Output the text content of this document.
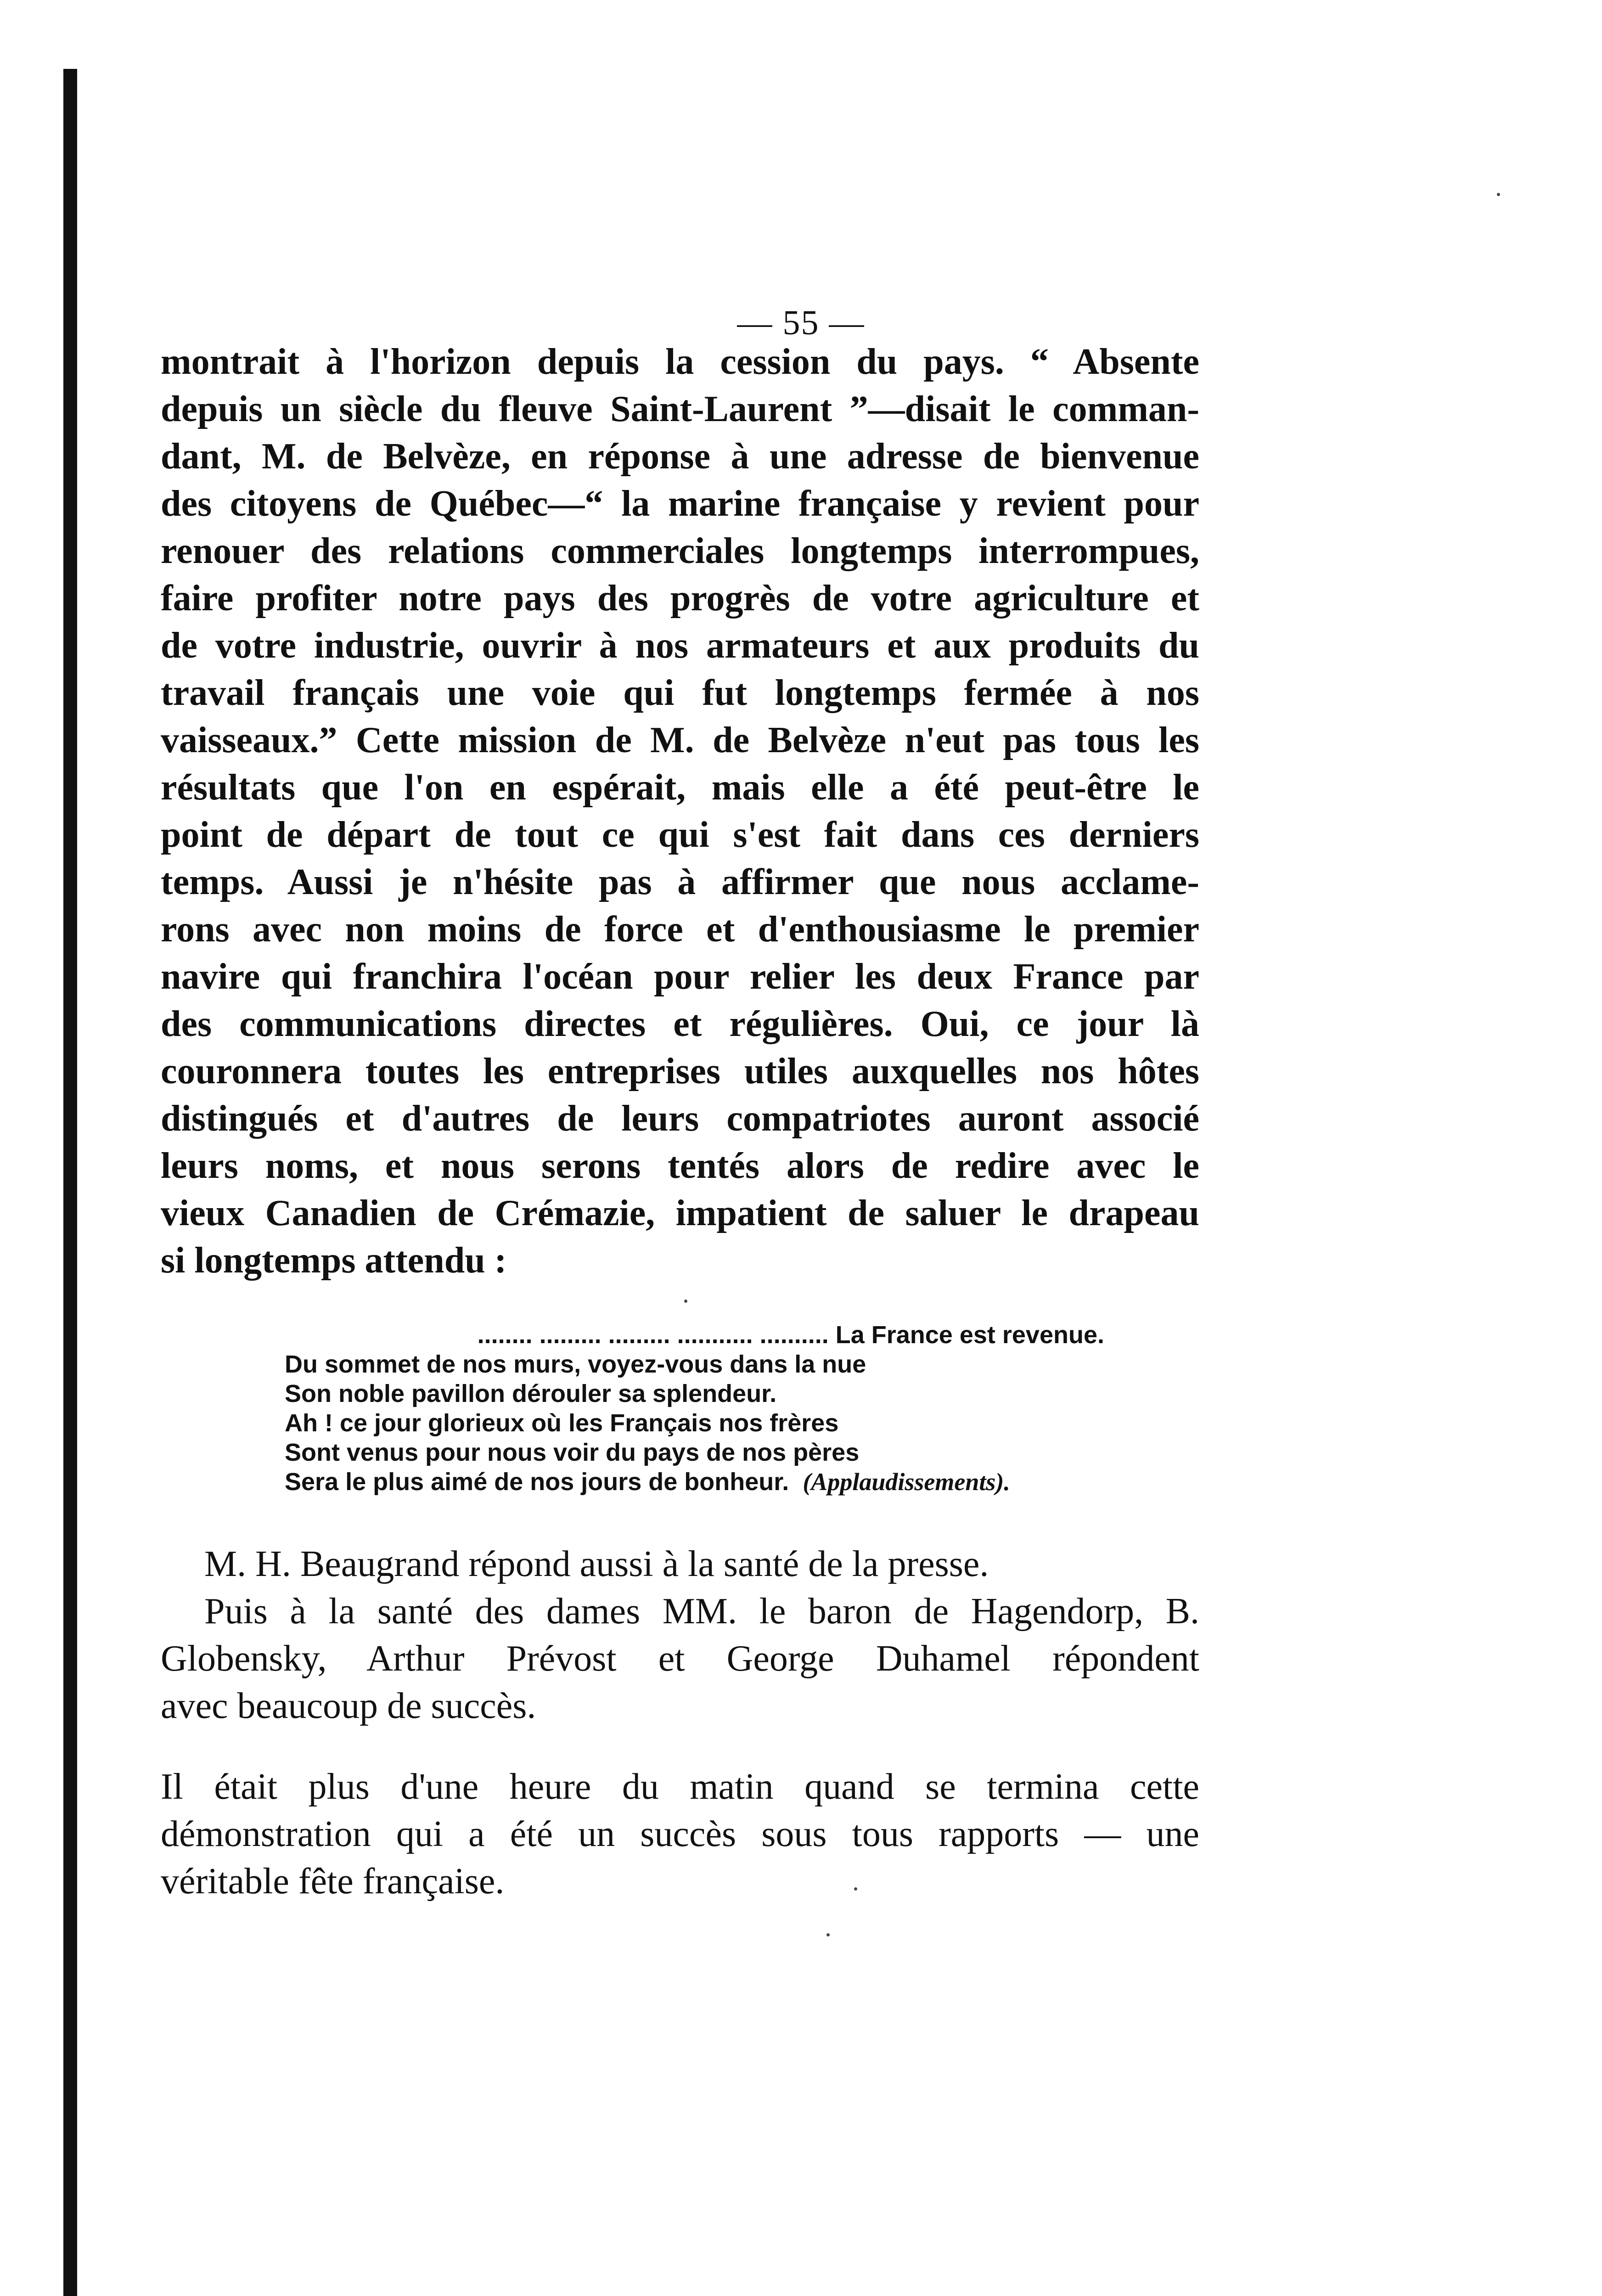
— 55 —
montrait à l'horizon depuis la cession du pays. “ Absente
depuis un siècle du fleuve Saint-Laurent ”—disait le comman-
dant, M. de Belvèze, en réponse à une adresse de bienvenue
des citoyens de Québec—“ la marine française y revient pour
renouer des relations commerciales longtemps interrompues,
faire profiter notre pays des progrès de votre agriculture et
de votre industrie, ouvrir à nos armateurs et aux produits du
travail français une voie qui fut longtemps fermée à nos
vaisseaux.” Cette mission de M. de Belvèze n'eut pas tous les
résultats que l'on en espérait, mais elle a été peut-être le
point de départ de tout ce qui s'est fait dans ces derniers
temps. Aussi je n'hésite pas à affirmer que nous acclame-
rons avec non moins de force et d'enthousiasme le premier
navire qui franchira l'océan pour relier les deux France par
des communications directes et régulières. Oui, ce jour là
couronnera toutes les entreprises utiles auxquelles nos hôtes
distingués et d'autres de leurs compatriotes auront associé
leurs noms, et nous serons tentés alors de redire avec le
vieux Canadien de Crémazie, impatient de saluer le drapeau
si longtemps attendu :
........ ......... ......... ........... .......... La France est revenue.
Du sommet de nos murs, voyez-vous dans la nue
Son noble pavillon dérouler sa splendeur.
Ah ! ce jour glorieux où les Français nos frères
Sont venus pour nous voir du pays de nos pères
Sera le plus aimé de nos jours de bonheur. (Applaudissements).
M. H. Beaugrand répond aussi à la santé de la presse.
Puis à la santé des dames MM. le baron de Hagendorp, B.
Globensky, Arthur Prévost et George Duhamel répondent
avec beaucoup de succès.
Il était plus d'une heure du matin quand se termina cette
démonstration qui a été un succès sous tous rapports — une
véritable fête française.
